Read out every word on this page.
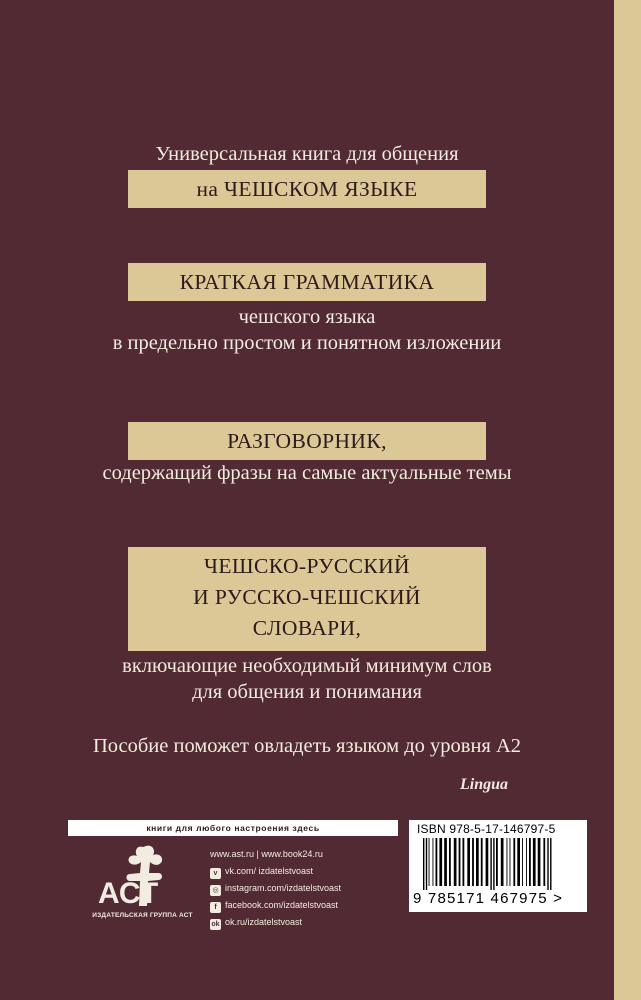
Универсальная книга для общения
на ЧЕШСКОМ ЯЗЫКЕ
КРАТКАЯ ГРАММАТИКА
чешского языка
в предельно простом и понятном изложении
РАЗГОВОРНИК,
содержащий фразы на самые актуальные темы
ЧЕШСКО-РУССКИЙ
И РУССКО-ЧЕШСКИЙ
СЛОВАРИ,
включающие необходимый минимум слов
для общения и понимания
Пособие поможет овладеть языком до уровня А2
Lingua
книги для любого настроения здесь
АСТ
ИЗДАТЕЛЬСКАЯ ГРУППА АСТ
www.ast.ru | www.book24.ru
v vk.com/ izdatelstvoast
◎ instagram.com/izdatelstvoast
f facebook.com/izdatelstvoast
ok ok.ru/izdatelstvoast
ISBN 978-5-17-146797-5
9 785171 467975 >
